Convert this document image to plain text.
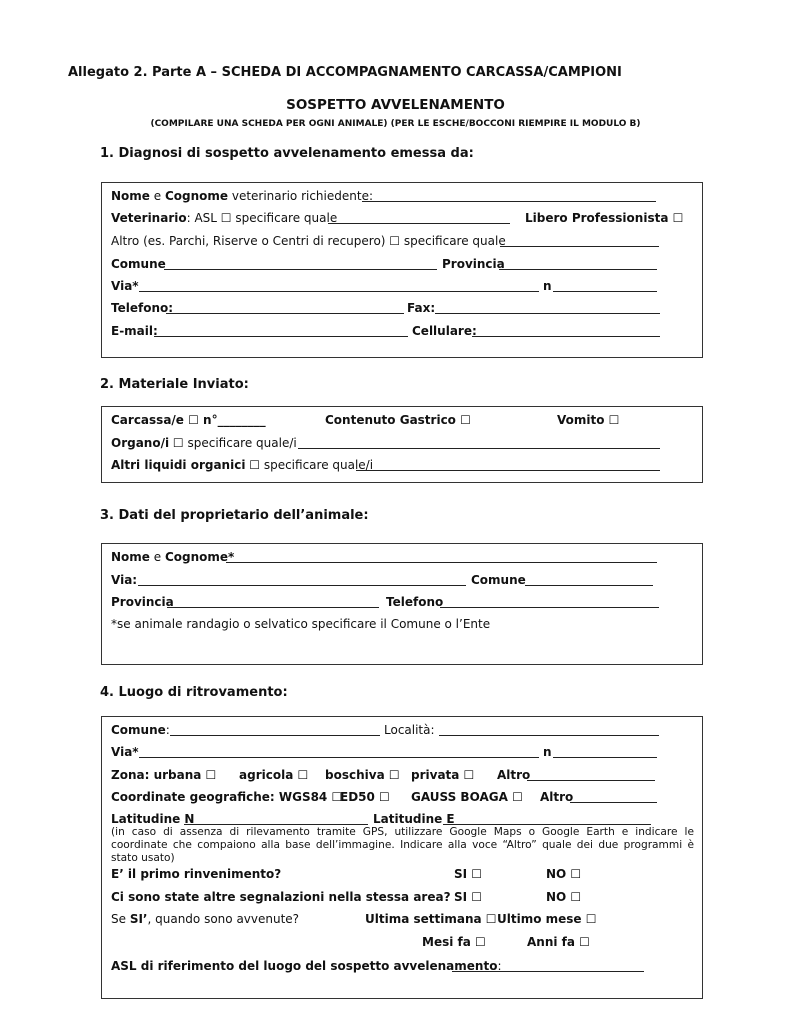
Allegato 2. Parte A – SCHEDA DI ACCOMPAGNAMENTO CARCASSA/CAMPIONI
SOSPETTO AVVELENAMENTO
(COMPILARE UNA SCHEDA PER OGNI ANIMALE) (PER LE ESCHE/BOCCONI RIEMPIRE IL MODULO B)
1. Diagnosi di sospetto avvelenamento emessa da:
Nome e Cognome veterinario richiedente:
Veterinario: ASL ☐ specificare quale	Libero Professionista ☐
Altro (es. Parchi, Riserve o Centri di recupero) ☐ specificare quale
Comune	Provincia
Via*	n
Telefono:	Fax:
E-mail:	Cellulare:
2. Materiale Inviato:
Carcassa/e ☐ n°________	Contenuto Gastrico ☐	Vomito ☐
Organo/i ☐ specificare quale/i
Altri liquidi organici ☐ specificare quale/i
3. Dati del proprietario dell’animale:
Nome e Cognome*
Via:	Comune
Provincia	Telefono
*se animale randagio o selvatico specificare il Comune o l’Ente
4. Luogo di ritrovamento:
Comune:	Località:
Via*	n
Zona: urbana ☐ agricola ☐ boschiva ☐ privata ☐ Altro
Coordinate geografiche: WGS84 ☐
ED50 ☐ GAUSS BOAGA ☐ Altro
Latitudine N	Latitudine E
(in caso di assenza di rilevamento tramite GPS, utilizzare Google Maps o Google Earth e indicare le coordinate che compaiono alla base dell’immagine. Indicare alla voce “Altro” quale dei due programmi è stato usato)
E’ il primo rinvenimento?	SI ☐	NO ☐
Ci sono state altre segnalazioni nella stessa area? SI ☐	NO ☐
Se SI’, quando sono avvenute?	Ultima settimana ☐ Ultimo mese ☐
Mesi fa ☐	Anni fa ☐
ASL di riferimento del luogo del sospetto avvelenamento:
